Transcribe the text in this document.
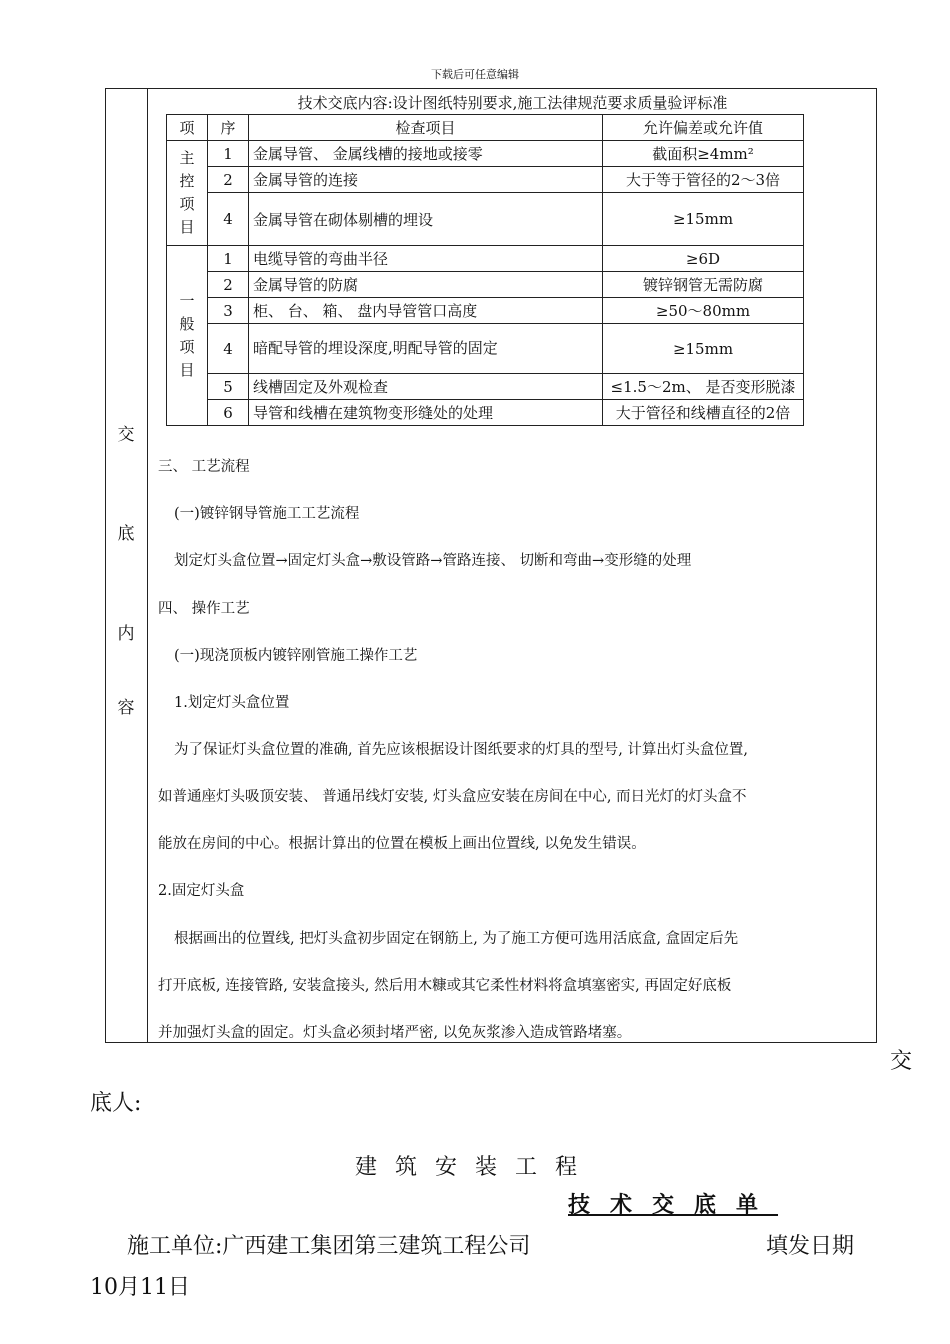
下载后可任意编辑
交
底
内
容
技术交底内容:设计图纸特别要求,施工法律规范要求质量验评标准
项	序	检查项目	允许偏差或允许值

主控项目	1	金属导管、 金属线槽的接地或接零	截面积≥4mm²
	2	金属导管的连接	大于等于管径的2～3倍
	4	金属导管在砌体剔槽的埋设	≥15mm

一般项目	1	电缆导管的弯曲半径	≥6D
	2	金属导管的防腐	镀锌钢管无需防腐
	3	柜、 台、 箱、 盘内导管管口高度	≥50～80mm
	4	暗配导管的埋设深度,明配导管的固定	≥15mm
	5	线槽固定及外观检查	≤1.5～2m、 是否变形脱漆
	6	导管和线槽在建筑物变形缝处的处理	大于管径和线槽直径的2倍
三、 工艺流程
(一)镀锌钢导管施工工艺流程
划定灯头盒位置→固定灯头盒→敷设管路→管路连接、 切断和弯曲→变形缝的处理
四、 操作工艺
(一)现浇顶板内镀锌刚管施工操作工艺
1.划定灯头盒位置
为了保证灯头盒位置的准确, 首先应该根据设计图纸要求的灯具的型号, 计算出灯头盒位置,
如普通座灯头吸顶安装、 普通吊线灯安装, 灯头盒应安装在房间在中心, 而日光灯的灯头盒不
能放在房间的中心。根据计算出的位置在模板上画出位置线, 以免发生错误。
2.固定灯头盒
根据画出的位置线, 把灯头盒初步固定在钢筋上, 为了施工方便可选用活底盒, 盒固定后先
打开底板, 连接管路, 安装盒接头, 然后用木糠或其它柔性材料将盒填塞密实, 再固定好底板
并加强灯头盒的固定。灯头盒必须封堵严密, 以免灰浆渗入造成管路堵塞。
交
底人:
建筑安装工程
技术交底单
施工单位:广西建工集团第三建筑工程公司	填发日期
10月11日
